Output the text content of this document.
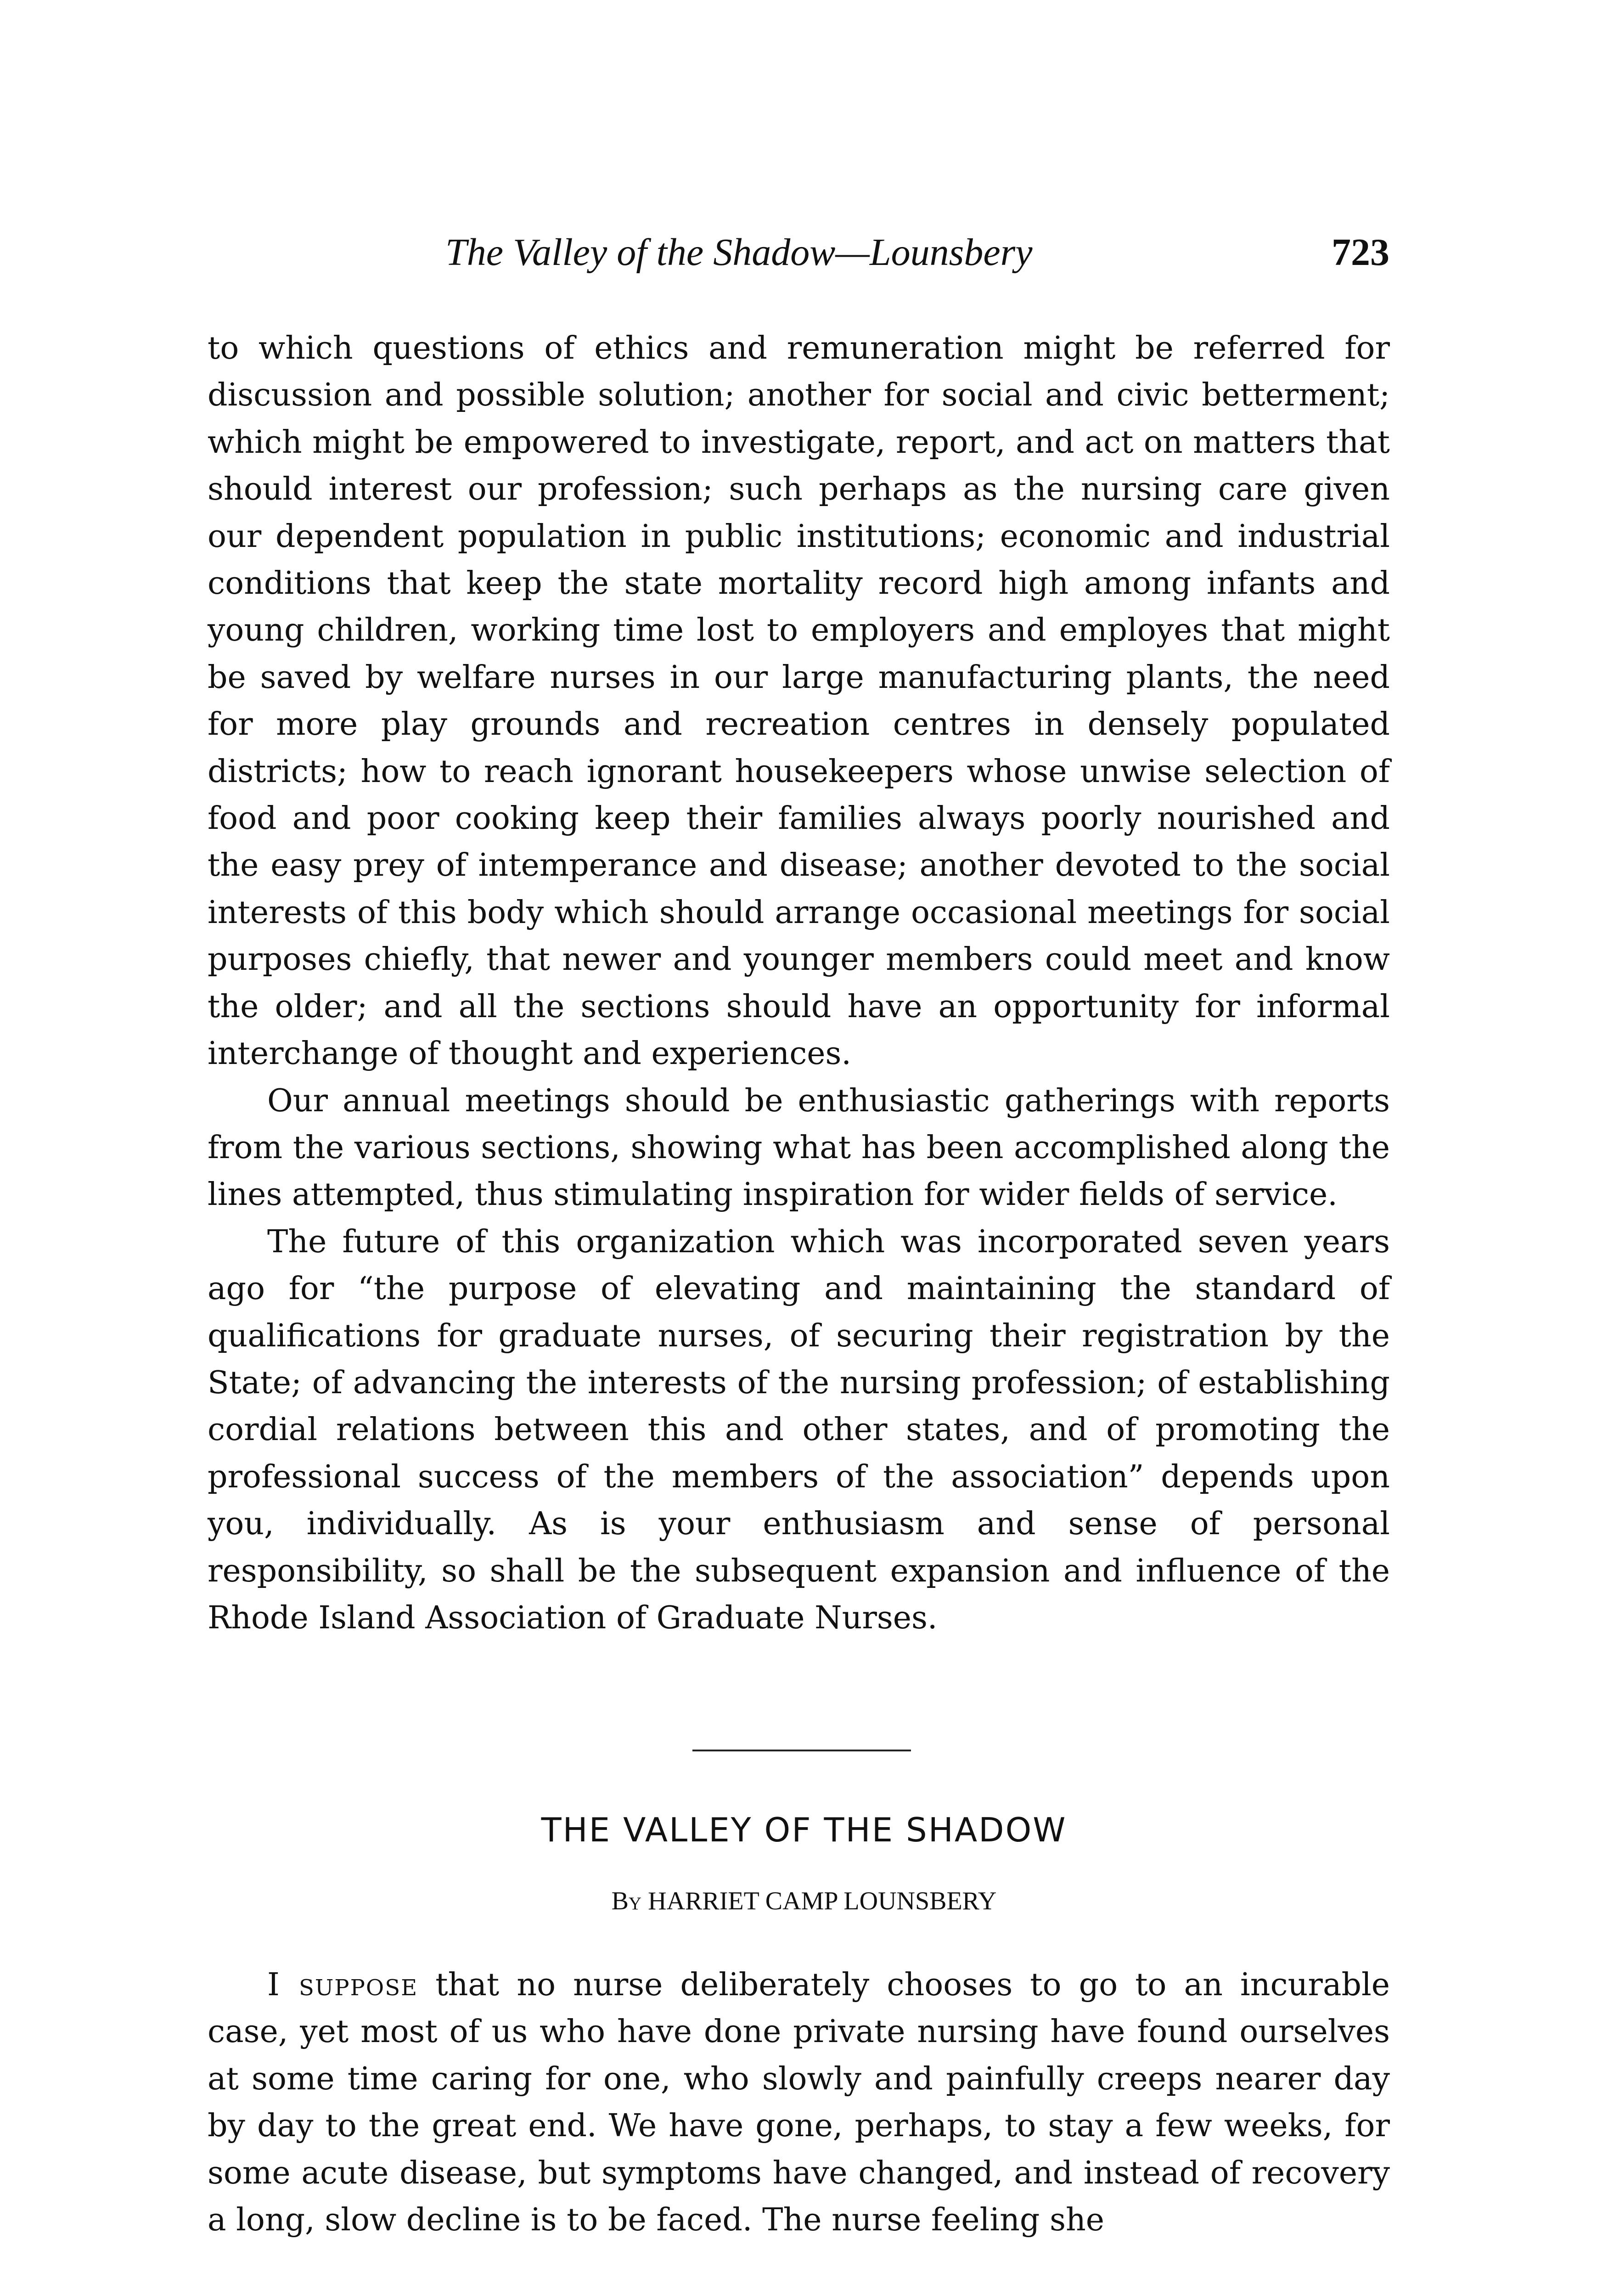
The Valley of the Shadow—Lounsbery	723

to which questions of ethics and remuneration might be referred for discussion and possible solution; another for social and civic betterment; which might be empowered to investigate, report, and act on matters that should interest our profession; such perhaps as the nursing care given our dependent population in public institutions; economic and industrial conditions that keep the state mortality record high among infants and young children, working time lost to employers and employes that might be saved by welfare nurses in our large manufacturing plants, the need for more play grounds and recreation centres in densely populated districts; how to reach ignorant housekeepers whose unwise selection of food and poor cooking keep their families always poorly nourished and the easy prey of intemperance and disease; another devoted to the social interests of this body which should arrange occasional meetings for social purposes chiefly, that newer and younger members could meet and know the older; and all the sections should have an opportunity for informal interchange of thought and experiences.

Our annual meetings should be enthusiastic gatherings with reports from the various sections, showing what has been accomplished along the lines attempted, thus stimulating inspiration for wider fields of service.

The future of this organization which was incorporated seven years ago for “the purpose of elevating and maintaining the standard of qualifications for graduate nurses, of securing their registration by the State; of advancing the interests of the nursing profession; of establishing cordial relations between this and other states, and of promoting the professional success of the members of the association” depends upon you, individually. As is your enthusiasm and sense of personal responsibility, so shall be the subsequent expansion and influence of the Rhode Island Association of Graduate Nurses.

THE VALLEY OF THE SHADOW
By HARRIET CAMP LOUNSBERY

I suppose that no nurse deliberately chooses to go to an incurable case, yet most of us who have done private nursing have found ourselves at some time caring for one, who slowly and painfully creeps nearer day by day to the great end. We have gone, perhaps, to stay a few weeks, for some acute disease, but symptoms have changed, and instead of recovery a long, slow decline is to be faced. The nurse feeling she
